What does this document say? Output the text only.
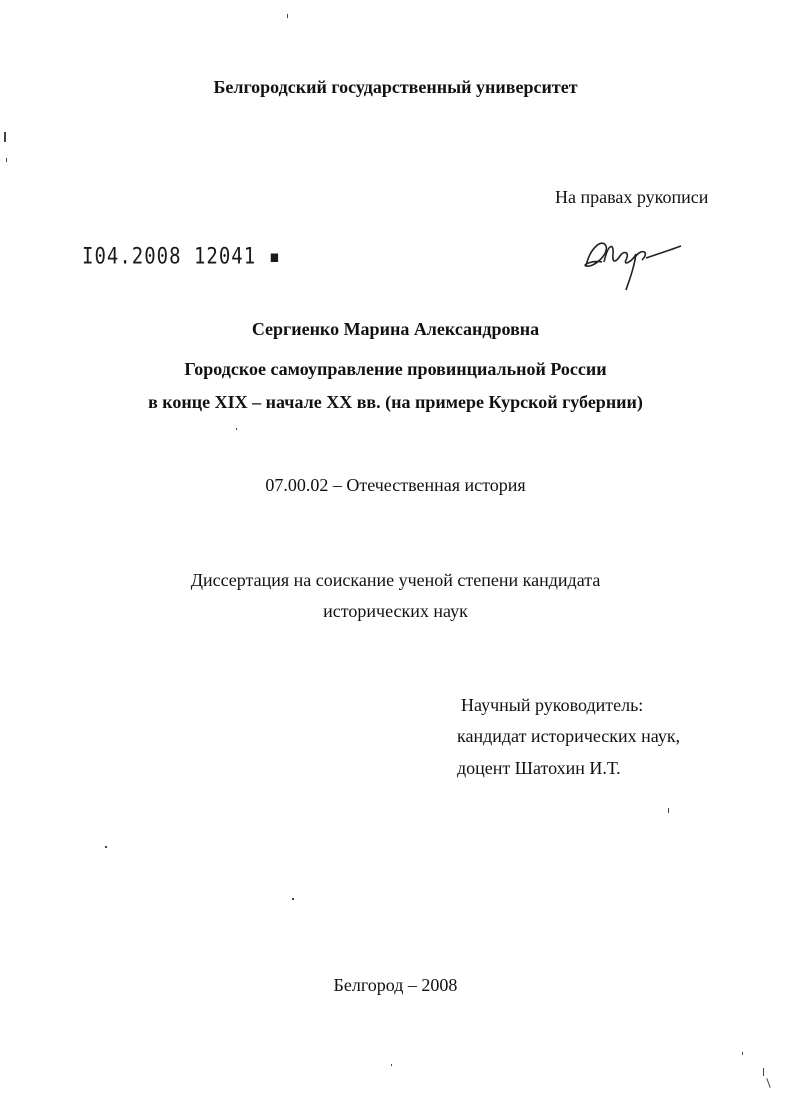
Белгородский государственный университет
На правах рукописи
I04.2008 12041 ▪
Сергиенко Марина Александровна
Городское самоуправление провинциальной России
в конце XIX – начале XX вв. (на примере Курской губернии)
07.00.02 – Отечественная история
Диссертация на соискание ученой степени кандидата
исторических наук
Научный руководитель:
кандидат исторических наук,
доцент Шатохин И.Т.
Белгород – 2008
